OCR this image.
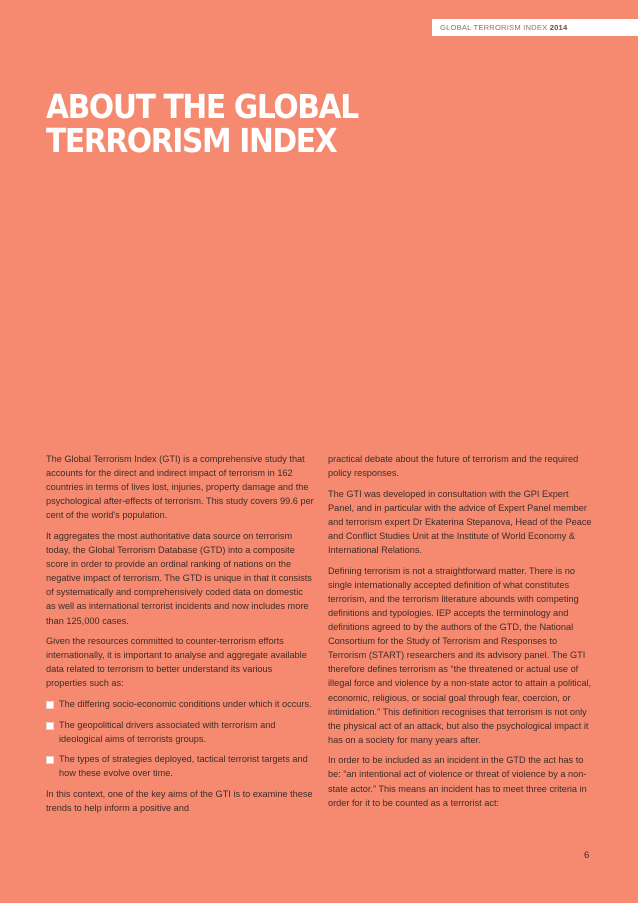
GLOBAL TERRORISM INDEX 2014
ABOUT THE GLOBAL
TERRORISM INDEX

The Global Terrorism Index (GTI) is a comprehensive study that accounts for the direct and indirect impact of terrorism in 162 countries in terms of lives lost, injuries, property damage and the psychological after-effects of terrorism. This study covers 99.6 per cent of the world's population.

It aggregates the most authoritative data source on terrorism today, the Global Terrorism Database (GTD) into a composite score in order to provide an ordinal ranking of nations on the negative impact of terrorism. The GTD is unique in that it consists of systematically and comprehensively coded data on domestic as well as international terrorist incidents and now includes more than 125,000 cases.

Given the resources committed to counter-terrorism efforts internationally, it is important to analyse and aggregate available data related to terrorism to better understand its various properties such as:

The differing socio-economic conditions under which it occurs.
The geopolitical drivers associated with terrorism and ideological aims of terrorists groups.
The types of strategies deployed, tactical terrorist targets and how these evolve over time.

In this context, one of the key aims of the GTI is to examine these trends to help inform a positive and

practical debate about the future of terrorism and the required policy responses.

The GTI was developed in consultation with the GPI Expert Panel, and in particular with the advice of Expert Panel member and terrorism expert Dr Ekaterina Stepanova, Head of the Peace and Conflict Studies Unit at the Institute of World Economy & International Relations.

Defining terrorism is not a straightforward matter. There is no single internationally accepted definition of what constitutes terrorism, and the terrorism literature abounds with competing definitions and typologies. IEP accepts the terminology and definitions agreed to by the authors of the GTD, the National Consortium for the Study of Terrorism and Responses to Terrorism (START) researchers and its advisory panel. The GTI therefore defines terrorism as “the threatened or actual use of illegal force and violence by a non-state actor to attain a political, economic, religious, or social goal through fear, coercion, or intimidation.” This definition recognises that terrorism is not only the physical act of an attack, but also the psychological impact it has on a society for many years after.

In order to be included as an incident in the GTD the act has to be: “an intentional act of violence or threat of violence by a non-state actor.” This means an incident has to meet three criteria in order for it to be counted as a terrorist act:

6
